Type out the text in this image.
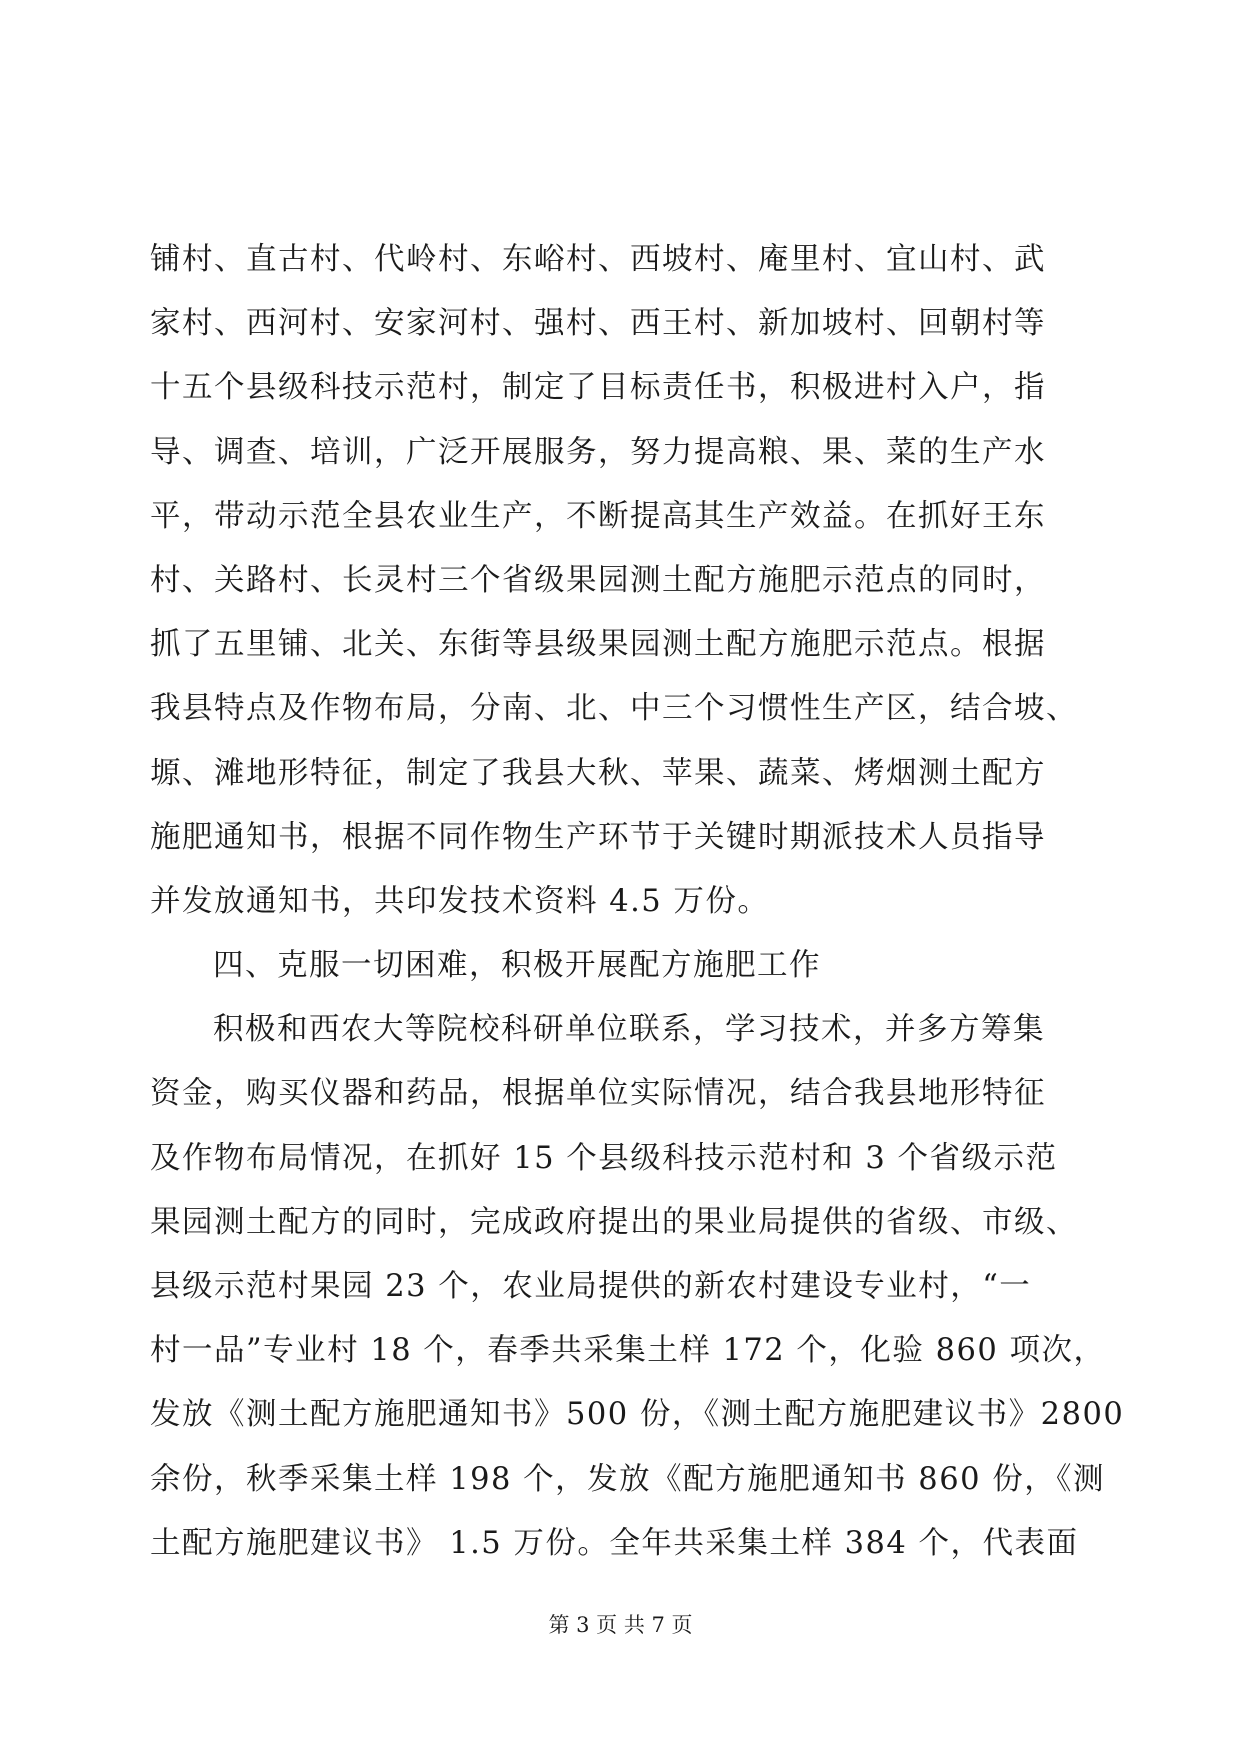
铺村、直古村、代岭村、东峪村、西坡村、庵里村、宜山村、武
家村、西河村、安家河村、强村、西王村、新加坡村、回朝村等
十五个县级科技示范村，制定了目标责任书，积极进村入户，指
导、调查、培训，广泛开展服务，努力提高粮、果、菜的生产水
平，带动示范全县农业生产，不断提高其生产效益。在抓好王东
村、关路村、长灵村三个省级果园测土配方施肥示范点的同时，
抓了五里铺、北关、东街等县级果园测土配方施肥示范点。根据
我县特点及作物布局，分南、北、中三个习惯性生产区，结合坡、
塬、滩地形特征，制定了我县大秋、苹果、蔬菜、烤烟测土配方
施肥通知书，根据不同作物生产环节于关键时期派技术人员指导
并发放通知书，共印发技术资料 4.5 万份。
四、克服一切困难，积极开展配方施肥工作
积极和西农大等院校科研单位联系，学习技术，并多方筹集
资金，购买仪器和药品，根据单位实际情况，结合我县地形特征
及作物布局情况，在抓好 15 个县级科技示范村和 3 个省级示范
果园测土配方的同时，完成政府提出的果业局提供的省级、市级、
县级示范村果园 23 个，农业局提供的新农村建设专业村，“一
村一品”专业村 18 个，春季共采集土样 172 个，化验 860 项次，
发放《测土配方施肥通知书》500 份，《测土配方施肥建议书》2800
余份，秋季采集土样 198 个，发放《配方施肥通知书 860 份，《测
土配方施肥建议书》 1.5 万份。全年共采集土样 384 个，代表面
第 3 页 共 7 页
